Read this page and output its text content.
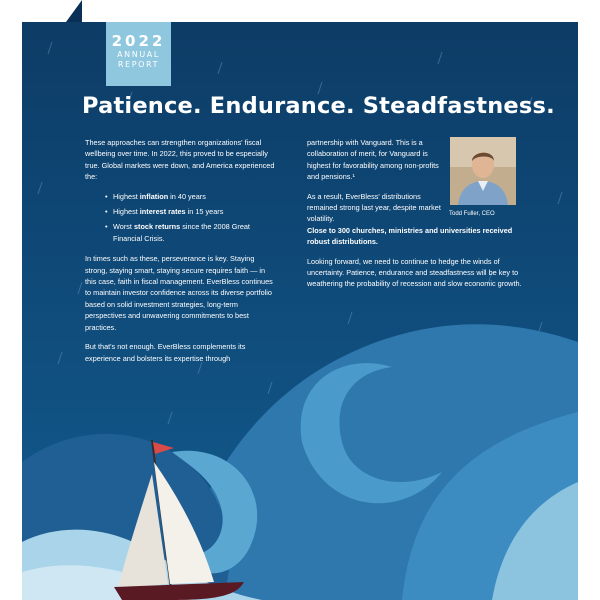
2022
ANNUAL
REPORT
Patience. Endurance. Steadfastness.

These approaches can strengthen organizations' fiscal wellbeing over time. In 2022, this proved to be especially true. Global markets were down, and America experienced the:

• Highest inflation in 40 years
• Highest interest rates in 15 years
• Worst stock returns since the 2008 Great Financial Crisis.

In times such as these, perseverance is key. Staying strong, staying smart, staying secure requires faith — in this case, faith in fiscal management. EverBless continues to maintain investor confidence across its diverse portfolio based on solid investment strategies, long-term perspectives and unwavering commitments to best practices.

But that's not enough. EverBless complements its experience and bolsters its expertise through

partnership with Vanguard. This is a collaboration of merit, for Vanguard is highest for favorability among non-profits and pensions.¹

As a result, EverBless' distributions remained strong last year, despite market volatility.
Close to 300 churches, ministries and universities received robust distributions.

Looking forward, we need to continue to hedge the winds of uncertainty. Patience, endurance and steadfastness will be key to weathering the probability of recession and slow economic growth.

Todd Fuller, CEO
